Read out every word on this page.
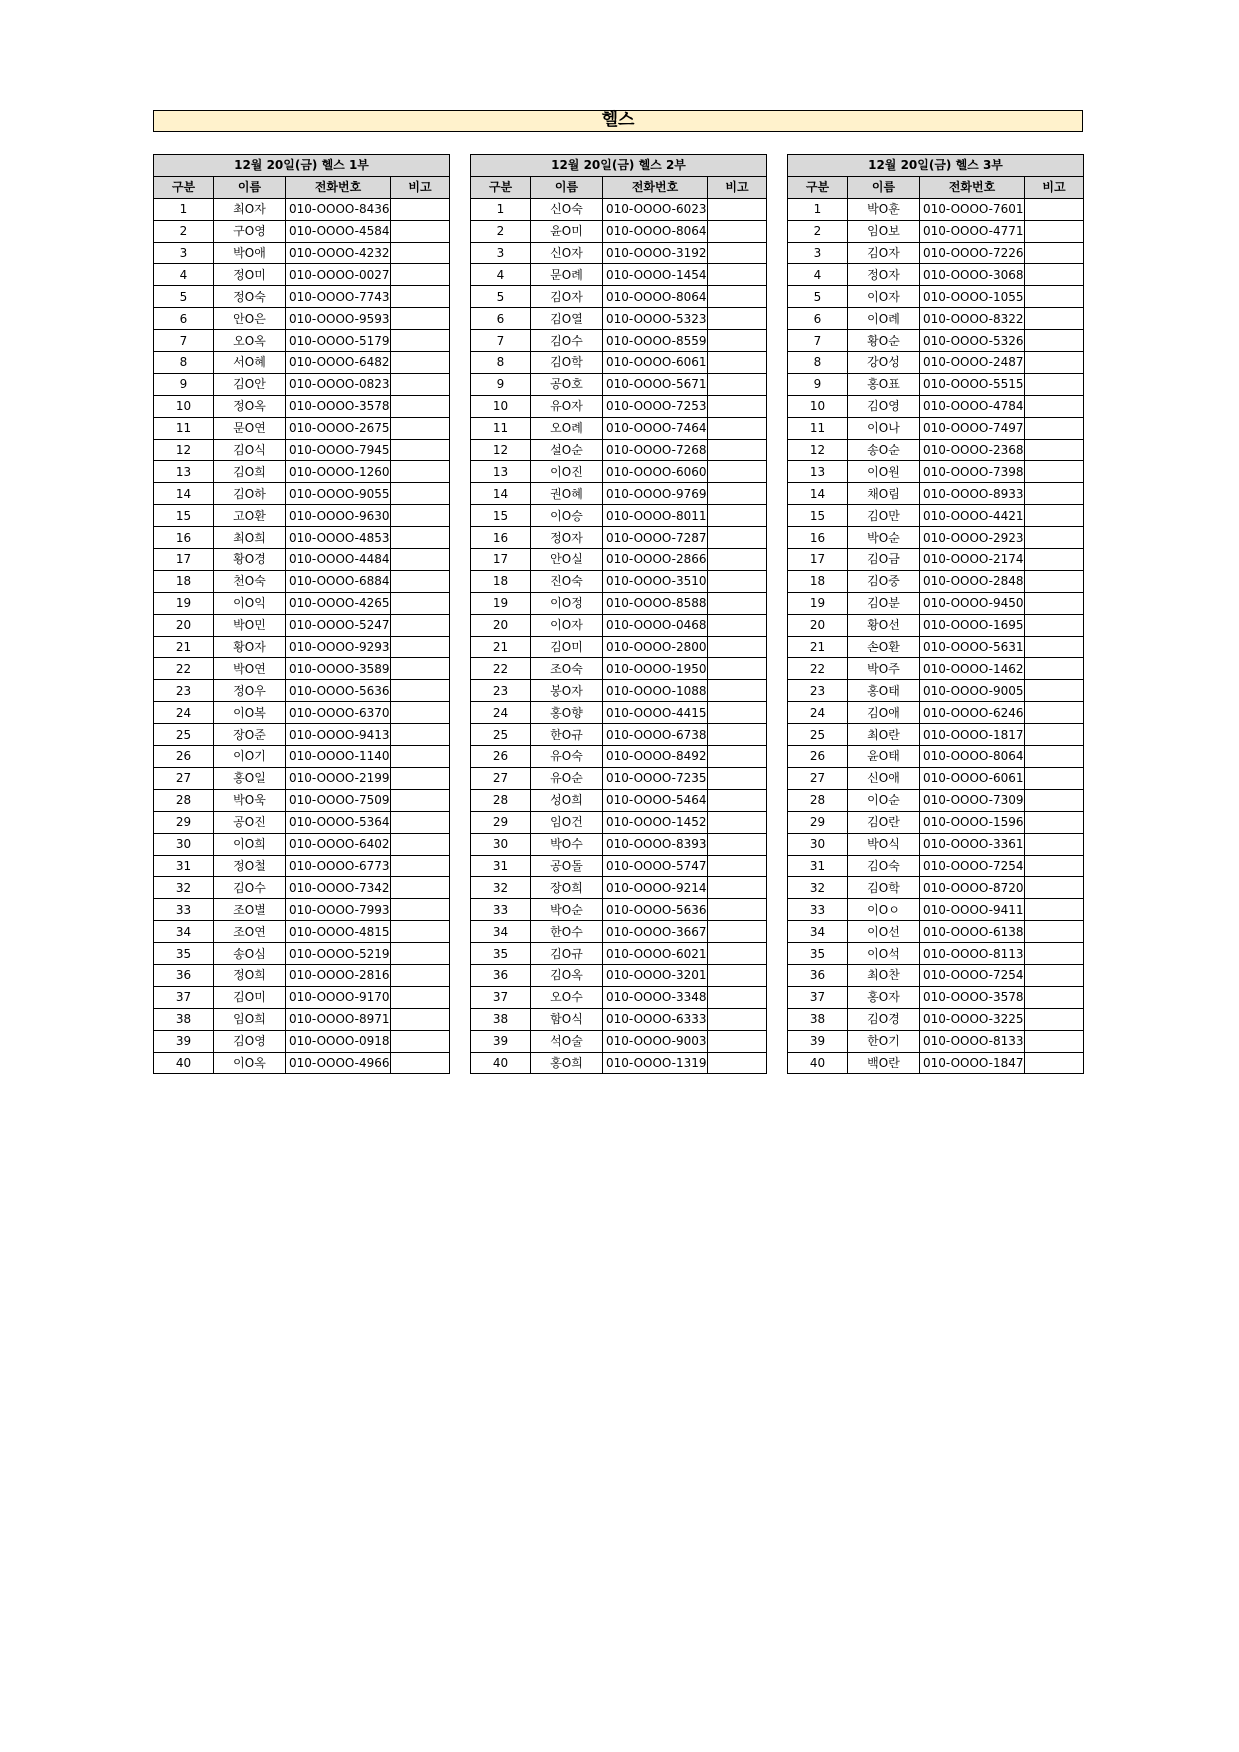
헬스
12월 20일(금) 헬스 1부			
구분	이름	전화번호	비고
1	최O자	010-OOOO-8436	
2	구O영	010-OOOO-4584	
3	박O애	010-OOOO-4232	
4	정O미	010-OOOO-0027	
5	정O숙	010-OOOO-7743	
6	안O은	010-OOOO-9593	
7	오O옥	010-OOOO-5179	
8	서O혜	010-OOOO-6482	
9	김O안	010-OOOO-0823	
10	정O옥	010-OOOO-3578	
11	문O연	010-OOOO-2675	
12	김O식	010-OOOO-7945	
13	김O희	010-OOOO-1260	
14	김O하	010-OOOO-9055	
15	고O환	010-OOOO-9630	
16	최O희	010-OOOO-4853	
17	황O경	010-OOOO-4484	
18	천O숙	010-OOOO-6884	
19	이O익	010-OOOO-4265	
20	박O민	010-OOOO-5247	
21	황O자	010-OOOO-9293	
22	박O연	010-OOOO-3589	
23	정O우	010-OOOO-5636	
24	이O복	010-OOOO-6370	
25	장O준	010-OOOO-9413	
26	이O기	010-OOOO-1140	
27	홍O일	010-OOOO-2199	
28	박O욱	010-OOOO-7509	
29	공O진	010-OOOO-5364	
30	이O희	010-OOOO-6402	
31	정O철	010-OOOO-6773	
32	김O수	010-OOOO-7342	
33	조O별	010-OOOO-7993	
34	조O연	010-OOOO-4815	
35	송O심	010-OOOO-5219	
36	정O희	010-OOOO-2816	
37	김O미	010-OOOO-9170	
38	임O희	010-OOOO-8971	
39	김O영	010-OOOO-0918	
40	이O옥	010-OOOO-4966	
12월 20일(금) 헬스 2부			
구분	이름	전화번호	비고
1	신O숙	010-OOOO-6023	
2	윤O미	010-OOOO-8064	
3	신O자	010-OOOO-3192	
4	문O례	010-OOOO-1454	
5	김O자	010-OOOO-8064	
6	김O열	010-OOOO-5323	
7	김O수	010-OOOO-8559	
8	김O학	010-OOOO-6061	
9	공O호	010-OOOO-5671	
10	유O자	010-OOOO-7253	
11	오O례	010-OOOO-7464	
12	설O순	010-OOOO-7268	
13	이O진	010-OOOO-6060	
14	권O혜	010-OOOO-9769	
15	이O승	010-OOOO-8011	
16	정O자	010-OOOO-7287	
17	안O실	010-OOOO-2866	
18	진O숙	010-OOOO-3510	
19	이O정	010-OOOO-8588	
20	이O자	010-OOOO-0468	
21	김O미	010-OOOO-2800	
22	조O숙	010-OOOO-1950	
23	봉O자	010-OOOO-1088	
24	홍O향	010-OOOO-4415	
25	한O규	010-OOOO-6738	
26	유O숙	010-OOOO-8492	
27	유O순	010-OOOO-7235	
28	성O희	010-OOOO-5464	
29	임O건	010-OOOO-1452	
30	박O수	010-OOOO-8393	
31	공O돌	010-OOOO-5747	
32	장O희	010-OOOO-9214	
33	박O순	010-OOOO-5636	
34	한O수	010-OOOO-3667	
35	김O규	010-OOOO-6021	
36	김O옥	010-OOOO-3201	
37	오O수	010-OOOO-3348	
38	함O식	010-OOOO-6333	
39	석O술	010-OOOO-9003	
40	홍O희	010-OOOO-1319	
12월 20일(금) 헬스 3부			
구분	이름	전화번호	비고
1	박O훈	010-OOOO-7601	
2	임O보	010-OOOO-4771	
3	김O자	010-OOOO-7226	
4	정O자	010-OOOO-3068	
5	이O자	010-OOOO-1055	
6	이O례	010-OOOO-8322	
7	황O순	010-OOOO-5326	
8	강O성	010-OOOO-2487	
9	홍O표	010-OOOO-5515	
10	김O영	010-OOOO-4784	
11	이O나	010-OOOO-7497	
12	송O순	010-OOOO-2368	
13	이O원	010-OOOO-7398	
14	채O림	010-OOOO-8933	
15	김O만	010-OOOO-4421	
16	박O순	010-OOOO-2923	
17	김O금	010-OOOO-2174	
18	김O중	010-OOOO-2848	
19	김O분	010-OOOO-9450	
20	황O선	010-OOOO-1695	
21	손O환	010-OOOO-5631	
22	박O주	010-OOOO-1462	
23	홍O태	010-OOOO-9005	
24	김O애	010-OOOO-6246	
25	최O란	010-OOOO-1817	
26	윤O태	010-OOOO-8064	
27	신O애	010-OOOO-6061	
28	이O순	010-OOOO-7309	
29	김O란	010-OOOO-1596	
30	박O식	010-OOOO-3361	
31	김O숙	010-OOOO-7254	
32	김O학	010-OOOO-8720	
33	이Oㅇ	010-OOOO-9411	
34	이O선	010-OOOO-6138	
35	이O석	010-OOOO-8113	
36	최O찬	010-OOOO-7254	
37	홍O자	010-OOOO-3578	
38	김O경	010-OOOO-3225	
39	한O기	010-OOOO-8133	
40	백O란	010-OOOO-1847	
